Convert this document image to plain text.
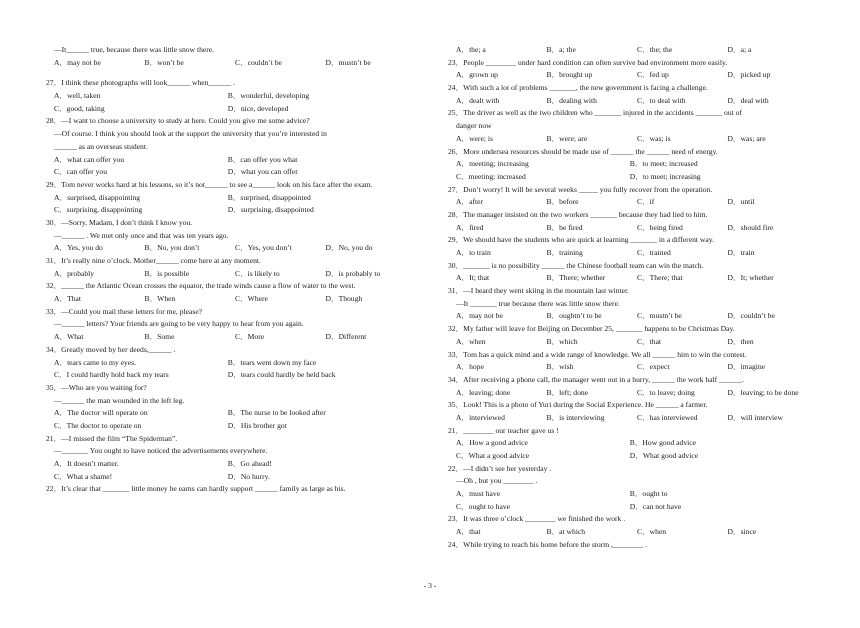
—It______ true, because there was little snow there.
A．may not be	B．won’t be	C．couldn’t be	D．mustn’t be
27．I think these photographs will look______ when______ .
A．well, taken	B．wonderful, developing
C．good, taking	D．nice, developed
28．—I want to choose a university to study at here. Could you give me some advice?
—Of course. I think you should look at the support the university that you’re interested in
______ as an overseas student.
A．what can offer you	B．can offer you what
C．can offer you	D．what you can offer
29．Tom never works hard at his lessons, so it’s not______ to see a______ look on his face after the exam.
A．surprised, disappointing	B．surprised, disappointed
C．surprising, disappointing	D．surprising, disappointed
30．—Sorry, Madam, I don’t think I know you.
—______ . We met only once and that was ten years ago.
A．Yes, you do	B．No, you don’t	C．Yes, you don’t	D．No, you do
31．It’s really nine o’clock. Mother______ come here at any moment.
A．probably	B．is possible	C．is likely to	D．is probably to
32．______ the Atlantic Ocean crosses the equator, the trade winds cause a flow of water to the west.
A．That	B．When	C．Where	D．Though
33．—Could you mail these letters for me, please?
—______ letters? Your friends are going to be very happy to hear from you again.
A．What	B．Some	C．More	D．Different
34．Greatly moved by her deeds,______ .
A．tears came to my eyes.	B．tears went down my face
C．I could hardly hold back my tears	D．tears could hardly be held back
35．—Who are you waiting for?
—______ the man wounded in the left leg.
A．The doctor will operate on	B．The nurse to be looked after
C．The doctor to operate on	D．His brother got
21．—I missed the film “The Spiderman”.
—_______ You ought to have noticed the advertisements everywhere.
A．It doesn’t matter.	B．Go ahead!
C．What a shame!	D．No hurry.
22．It’s clear that _______ little money he earns can hardly support ______ family as large as his.
A．the; a	B．a; the	C．the; the	D．a; a
23．People ________ under hard condition can often survive bad environment more easily.
A．grown up	B．brought up	C．fed up	D．picked up
24．With such a lot of problems _______, the new government is facing a challenge.
A．dealt with	B．dealing with	C．to deal with	D．deal with
25．The driver as well as the two children who _______ injured in the accidents _______ out of
danger now
A．were; is	B．were; are	C．was; is	D．was; are
26．More undersea resources should be made use of ______ the ______ need of energy.
A．meeting; increasing	B．to meet; increased
C．meeting; increased	D．to meet; increasing
27．Don’t worry! It will be several weeks _____ you fully recover from the operation.
A．after	B．before	C．if	D．until
28．The manager insisted on the two workers _______ because they had lied to him.
A．fired	B．be fired	C．being fired	D．should fire
29．We should have the students who are quick at learning _______ in a different way.
A．to train	B．training	C．trained	D．train
30．_______ is no possibility ______ the Chinese football team can win the match.
A．It; that	B．There; whether	C．There; that	D．It; whether
31．—I heard they went skiing in the mountain last winter.
—It _______ true because there was little snow there.
A．may not be	B．oughtn’t to be	C．mustn’t be	D．couldn’t be
32．My father will leave for Beijing on December 25, _______ happens to be Christmas Day.
A．when	B．which	C．that	D．then
33．Tom has a quick mind and a wide range of knowledge. We all ______ him to win the contest.
A．hope	B．wish	C．expect	D．imagine
34．After receiving a phone call, the manager went out in a hurry, ______ the work half ______.
A．leaving; done	B．left; done	C．to leave; doing	D．leaving; to be done
35．Look! This is a photo of Yuri during the Social Experience. He ______ a farmer.
A．interviewed	B．is interviewing	C．has interviewed	D．will interview
21．________ our teacher gave us !
A．How a good advice	B．How good advice
C．What a good advice	D．What good advice
22．—I didn’t see her yesterday .
—Oh , but you ________ .
A．must have	B．ought to
C．ought to have	D．can not have
23．It was three o’clock ________ we finished the work .
A．that	B．at which	C．when	D．since
24．While trying to reach his home before the storm ,________ .
- 3 -
